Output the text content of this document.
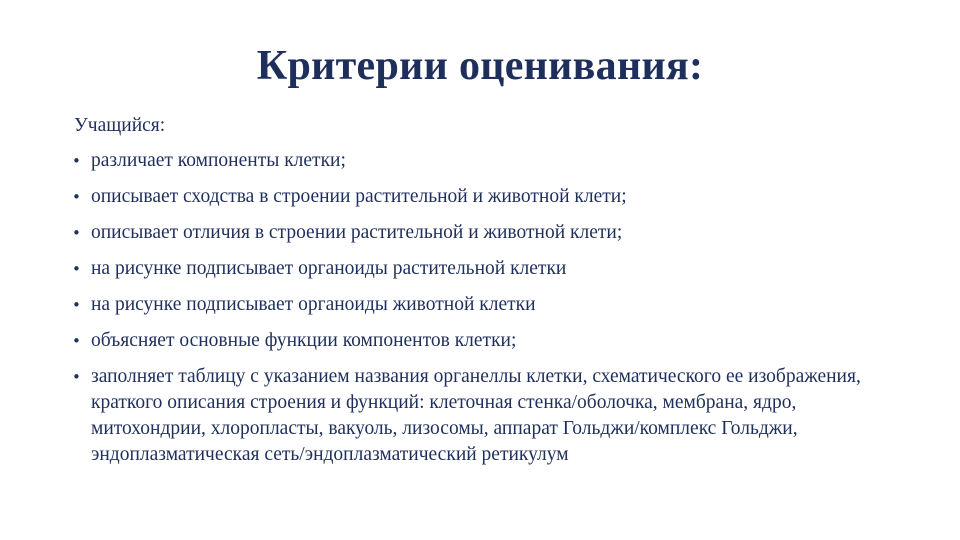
Критерии оценивания:
Учащийся:
• различает компоненты клетки;
• описывает сходства в строении растительной и животной клети;
• описывает отличия в строении растительной и животной клети;
• на рисунке подписывает органоиды растительной клетки
• на рисунке подписывает органоиды животной клетки
• объясняет основные функции компонентов клетки;
• заполняет таблицу с указанием названия органеллы клетки, схематического ее изображения, краткого описания строения и функций: клеточная стенка/оболочка, мембрана, ядро, митохондрии, хлоропласты, вакуоль, лизосомы, аппарат Гольджи/комплекс Гольджи, эндоплазматическая сеть/эндоплазматический ретикулум
